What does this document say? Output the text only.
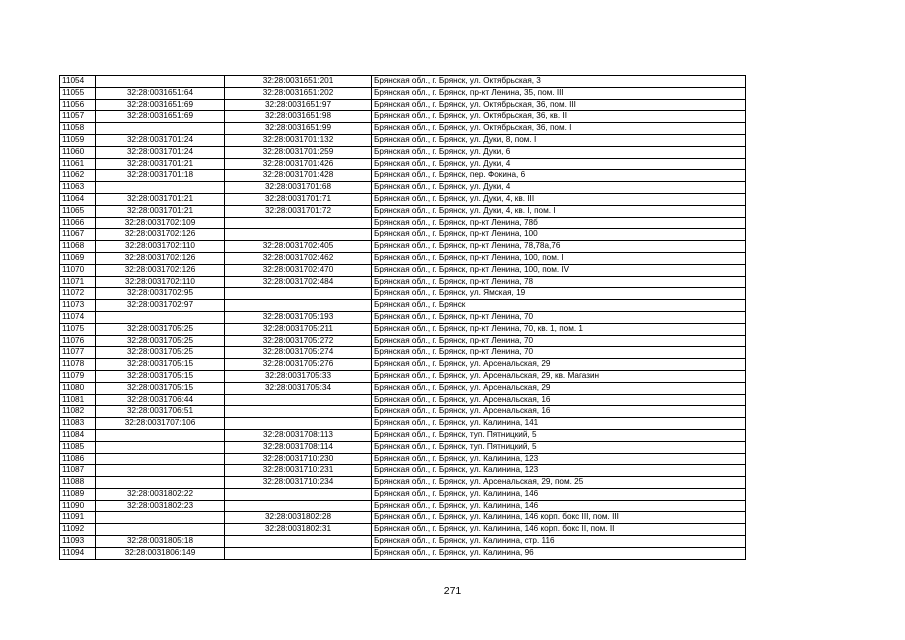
11054		32:28:0031651:201	Брянская обл., г. Брянск, ул. Октябрьская, 3
11055	32:28:0031651:64	32:28:0031651:202	Брянская обл., г. Брянск, пр-кт Ленина, 35, пом. III
11056	32:28:0031651:69	32:28:0031651:97	Брянская обл., г. Брянск, ул. Октябрьская, 36, пом. III
11057	32:28:0031651:69	32:28:0031651:98	Брянская обл., г. Брянск, ул. Октябрьская, 36, кв. II
11058		32:28:0031651:99	Брянская обл., г. Брянск, ул. Октябрьская, 36, пом. I
11059	32:28:0031701:24	32:28:0031701:132	Брянская обл., г. Брянск, ул. Дуки, 8, пом. I
11060	32:28:0031701:24	32:28:0031701:259	Брянская обл., г. Брянск, ул. Дуки, 6
11061	32:28:0031701:21	32:28:0031701:426	Брянская обл., г. Брянск, ул. Дуки, 4
11062	32:28:0031701:18	32:28:0031701:428	Брянская обл., г. Брянск, пер. Фокина, 6
11063		32:28:0031701:68	Брянская обл., г. Брянск, ул. Дуки, 4
11064	32:28:0031701:21	32:28:0031701:71	Брянская обл., г. Брянск, ул. Дуки, 4, кв. III
11065	32:28:0031701:21	32:28:0031701:72	Брянская обл., г. Брянск, ул. Дуки, 4, кв. I, пом. I
11066	32:28:0031702:109		Брянская обл., г. Брянск, пр-кт Ленина, 78б
11067	32:28:0031702:126		Брянская обл., г. Брянск, пр-кт Ленина, 100
11068	32:28:0031702:110	32:28:0031702:405	Брянская обл., г. Брянск, пр-кт Ленина, 78,78а,76
11069	32:28:0031702:126	32:28:0031702:462	Брянская обл., г. Брянск, пр-кт Ленина, 100, пом. I
11070	32:28:0031702:126	32:28:0031702:470	Брянская обл., г. Брянск, пр-кт Ленина, 100, пом. IV
11071	32:28:0031702:110	32:28:0031702:484	Брянская обл., г. Брянск, пр-кт Ленина, 78
11072	32:28:0031702:95		Брянская обл., г. Брянск, ул. Ямская, 19
11073	32:28:0031702:97		Брянская обл., г. Брянск
11074		32:28:0031705:193	Брянская обл., г. Брянск, пр-кт Ленина, 70
11075	32:28:0031705:25	32:28:0031705:211	Брянская обл., г. Брянск, пр-кт Ленина, 70, кв. 1, пом. 1
11076	32:28:0031705:25	32:28:0031705:272	Брянская обл., г. Брянск, пр-кт Ленина, 70
11077	32:28:0031705:25	32:28:0031705:274	Брянская обл., г. Брянск, пр-кт Ленина, 70
11078	32:28:0031705:15	32:28:0031705:276	Брянская обл., г. Брянск, ул. Арсенальская, 29
11079	32:28:0031705:15	32:28:0031705:33	Брянская обл., г. Брянск, ул. Арсенальская, 29, кв. Магазин
11080	32:28:0031705:15	32:28:0031705:34	Брянская обл., г. Брянск, ул. Арсенальская, 29
11081	32:28:0031706:44		Брянская обл., г. Брянск, ул. Арсенальская, 16
11082	32:28:0031706:51		Брянская обл., г. Брянск, ул. Арсенальская, 16
11083	32:28:0031707:106		Брянская обл., г. Брянск, ул. Калинина, 141
11084		32:28:0031708:113	Брянская обл., г. Брянск, туп. Пятницкий, 5
11085		32:28:0031708:114	Брянская обл., г. Брянск, туп. Пятницкий, 5
11086		32:28:0031710:230	Брянская обл., г. Брянск, ул. Калинина, 123
11087		32:28:0031710:231	Брянская обл., г. Брянск, ул. Калинина, 123
11088		32:28:0031710:234	Брянская обл., г. Брянск, ул. Арсенальская, 29, пом. 25
11089	32:28:0031802:22		Брянская обл., г. Брянск, ул. Калинина, 146
11090	32:28:0031802:23		Брянская обл., г. Брянск, ул. Калинина, 146
11091		32:28:0031802:28	Брянская обл., г. Брянск, ул. Калинина, 146 корп. бокс III, пом. III
11092		32:28:0031802:31	Брянская обл., г. Брянск, ул. Калинина, 146 корп. бокс II, пом. II
11093	32:28:0031805:18		Брянская обл., г. Брянск, ул. Калинина, стр. 116
11094	32:28:0031806:149		Брянская обл., г. Брянск, ул. Калинина, 96
271
